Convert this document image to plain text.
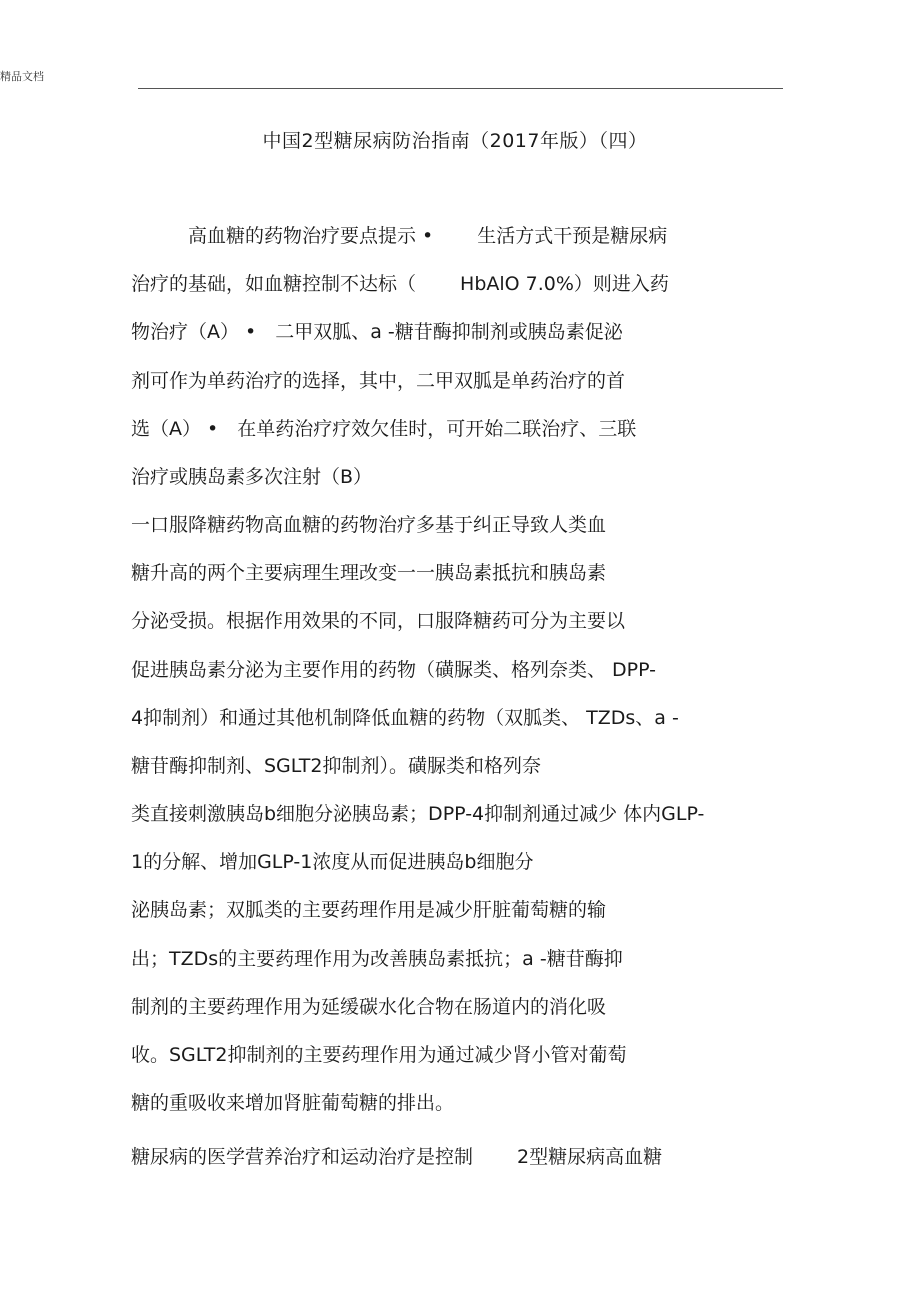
精品文档
中国2型糖尿病防治指南（2017年版）（四）
高血糖的药物治疗要点提示 •　　 生活方式干预是糖尿病
治疗的基础，如血糖控制不达标（　　 HbAlO 7.0%）则进入药
物治疗（A） •　二甲双胍、a -糖苷酶抑制剂或胰岛素促泌
剂可作为单药治疗的选择，其中，二甲双胍是单药治疗的首
选（A） •　在单药治疗疗效欠佳时，可开始二联治疗、三联
治疗或胰岛素多次注射（B）
一口服降糖药物高血糖的药物治疗多基于纠正导致人类血
糖升高的两个主要病理生理改变一一胰岛素抵抗和胰岛素
分泌受损。根据作用效果的不同，口服降糖药可分为主要以
促进胰岛素分泌为主要作用的药物（磺脲类、格列奈类、 DPP-
4抑制剂）和通过其他机制降低血糖的药物（双胍类、 TZDs、a -
糖苷酶抑制剂、SGLT2抑制剂）。磺脲类和格列奈
类直接刺激胰岛b细胞分泌胰岛素；DPP-4抑制剂通过减少 体内GLP-
1的分解、增加GLP-1浓度从而促进胰岛b细胞分
泌胰岛素；双胍类的主要药理作用是减少肝脏葡萄糖的输
出；TZDs的主要药理作用为改善胰岛素抵抗；a -糖苷酶抑
制剂的主要药理作用为延缓碳水化合物在肠道内的消化吸
收。SGLT2抑制剂的主要药理作用为通过减少肾小管对葡萄
糖的重吸收来增加肾脏葡萄糖的排出。
糖尿病的医学营养治疗和运动治疗是控制　　 2型糖尿病高血糖
